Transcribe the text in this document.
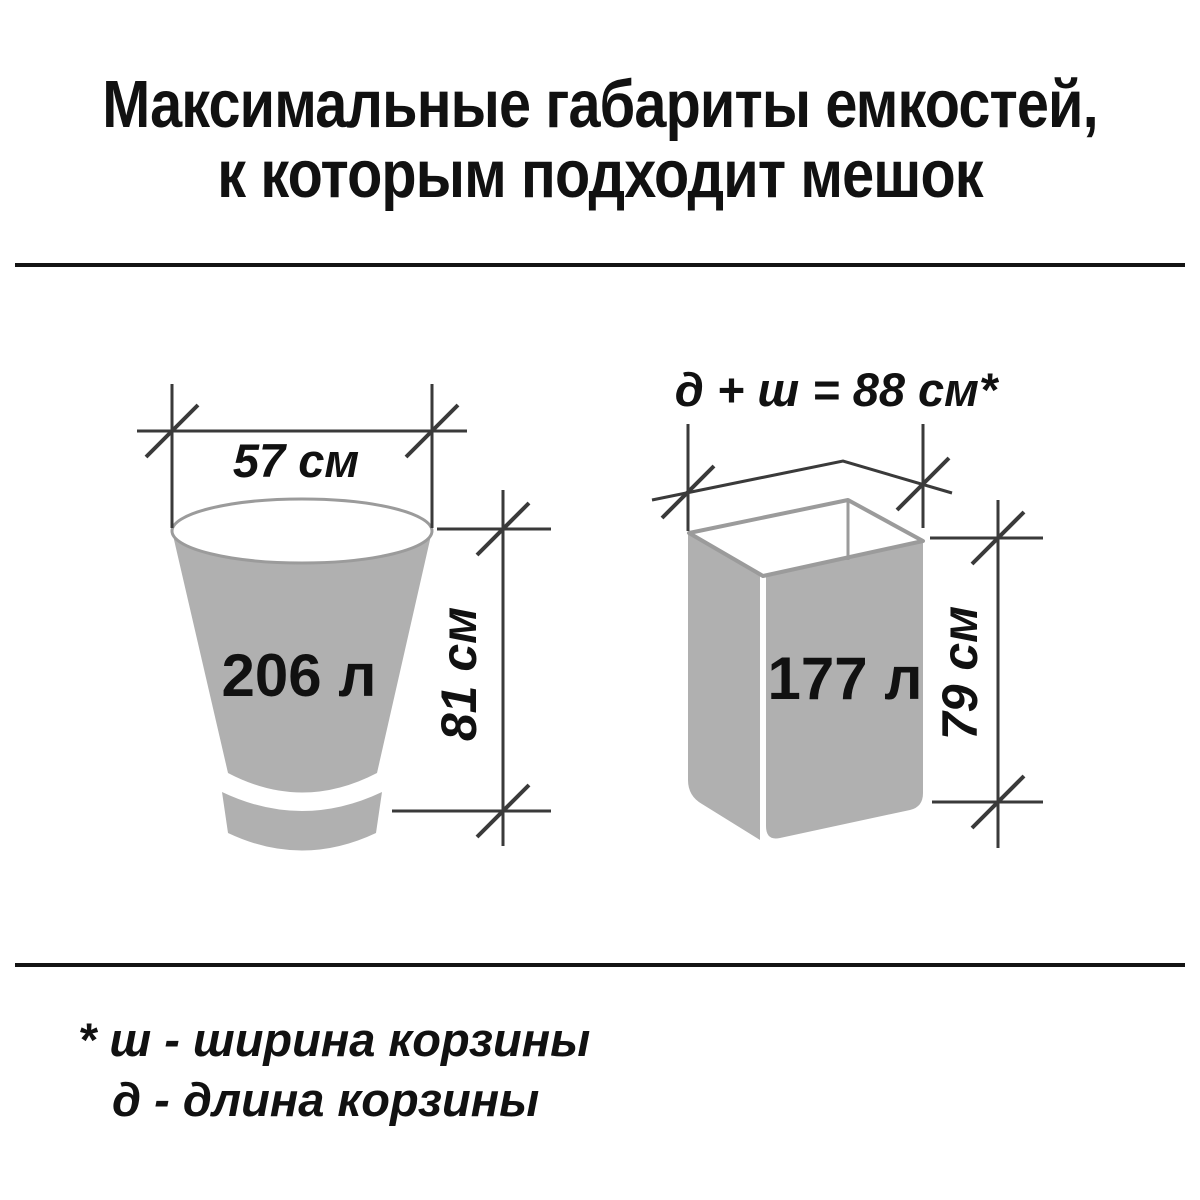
Максимальные габариты емкостей,
к которым подходит мешок
57 см
206 л	81 см
д + ш = 88 см*
177 л 79 см
* ш - ширина корзины
д - длина корзины
